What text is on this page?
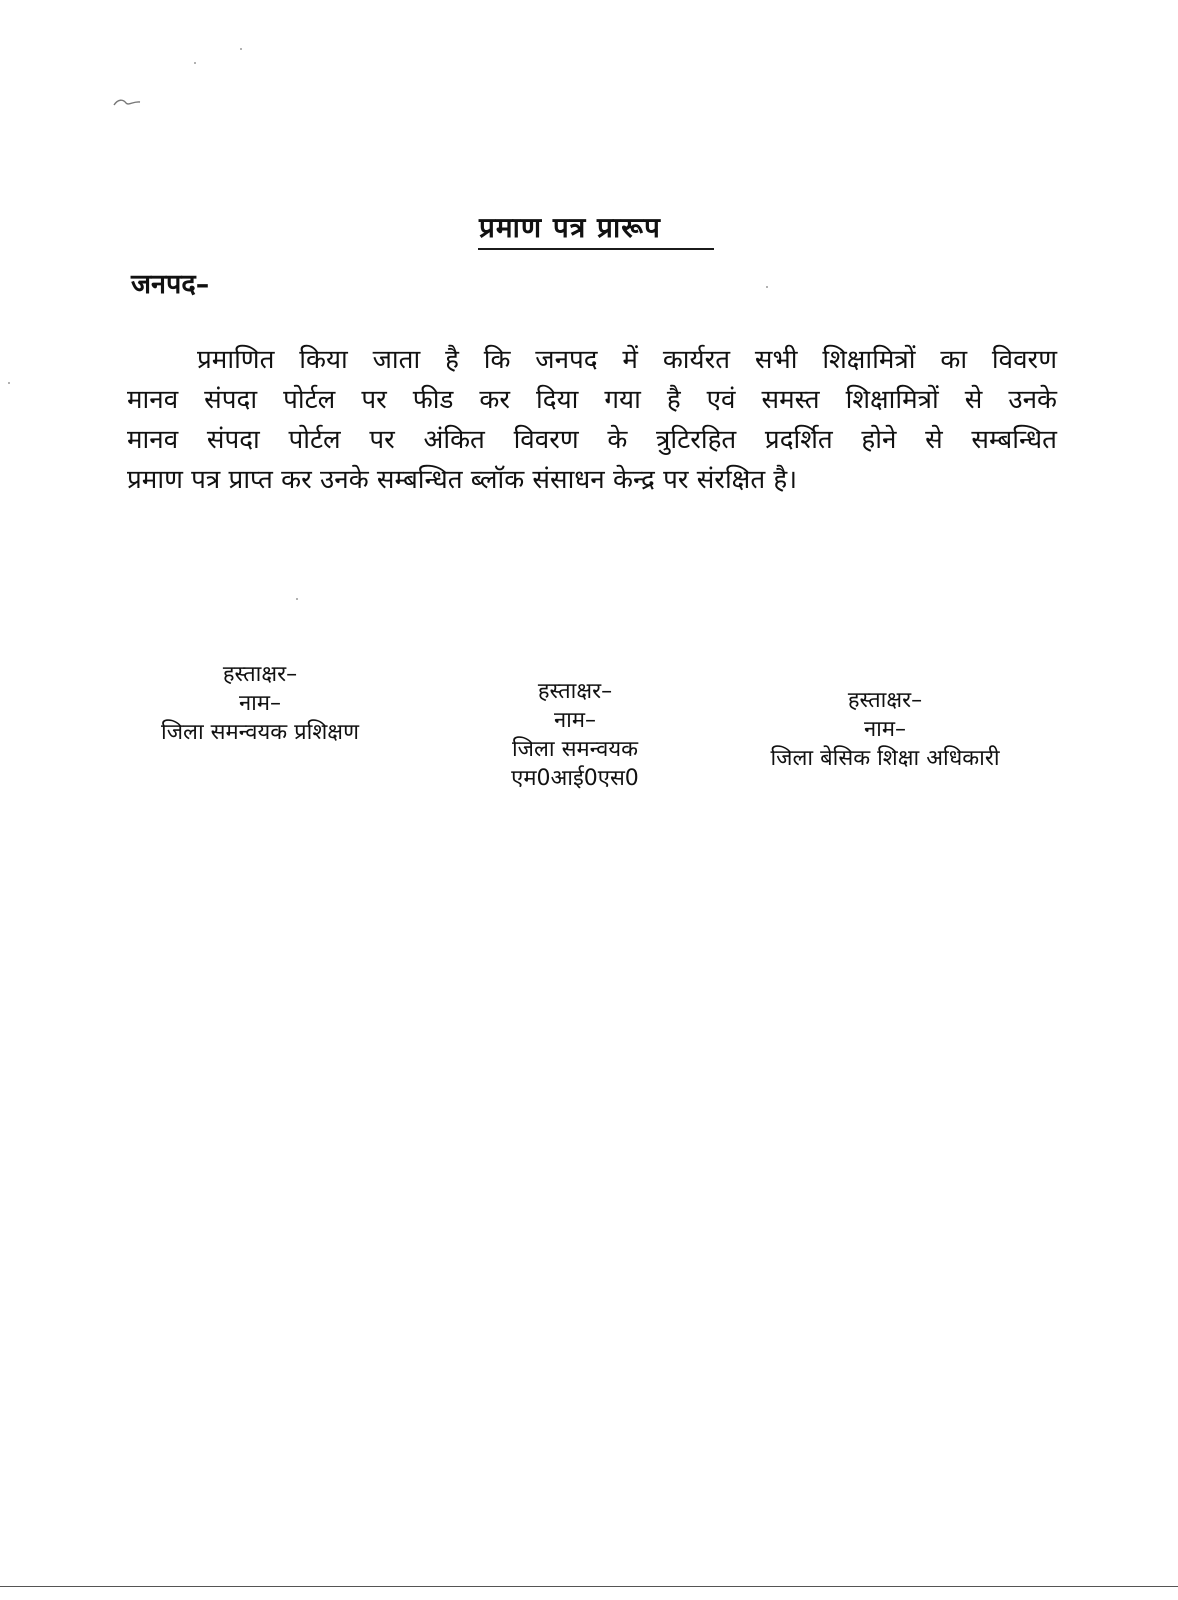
प्रमाण पत्र प्रारूप
जनपद–
प्रमाणित किया जाता है कि जनपद में कार्यरत सभी शिक्षामित्रों का विवरण
मानव संपदा पोर्टल पर फीड कर दिया गया है एवं समस्त शिक्षामित्रों से उनके
मानव संपदा पोर्टल पर अंकित विवरण के त्रुटिरहित प्रदर्शित होने से सम्बन्धित
प्रमाण पत्र प्राप्त कर उनके सम्बन्धित ब्लॉक संसाधन केन्द्र पर संरक्षित है।
हस्ताक्षर–
नाम–
जिला समन्वयक प्रशिक्षण
हस्ताक्षर–
नाम–
जिला समन्वयक
एम0आई0एस0
हस्ताक्षर–
नाम–
जिला बेसिक शिक्षा अधिकारी
